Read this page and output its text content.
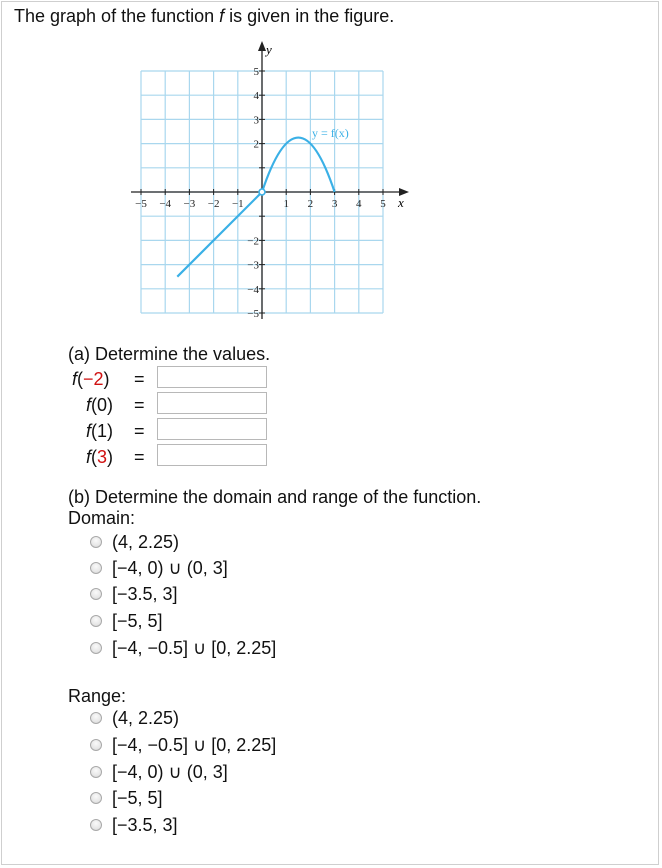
The graph of the function f is given in the figure.
−5 −4 −3 −2 −1	1 2 3 4 5
5
4
3
2
−2
−3
−4
−5
y = f(x)
y
x
(a) Determine the values.
f(−2)
f(0)
f(1)
f(3)
=
=
=
=
(b) Determine the domain and range of the function.
Domain:
(4, 2.25)
[−4, 0) ∪ (0, 3]
[−3.5, 3]
[−5, 5]
[−4, −0.5] ∪ [0, 2.25]
Range:
(4, 2.25)
[−4, −0.5] ∪ [0, 2.25]
[−4, 0) ∪ (0, 3]
[−5, 5]
[−3.5, 3]
